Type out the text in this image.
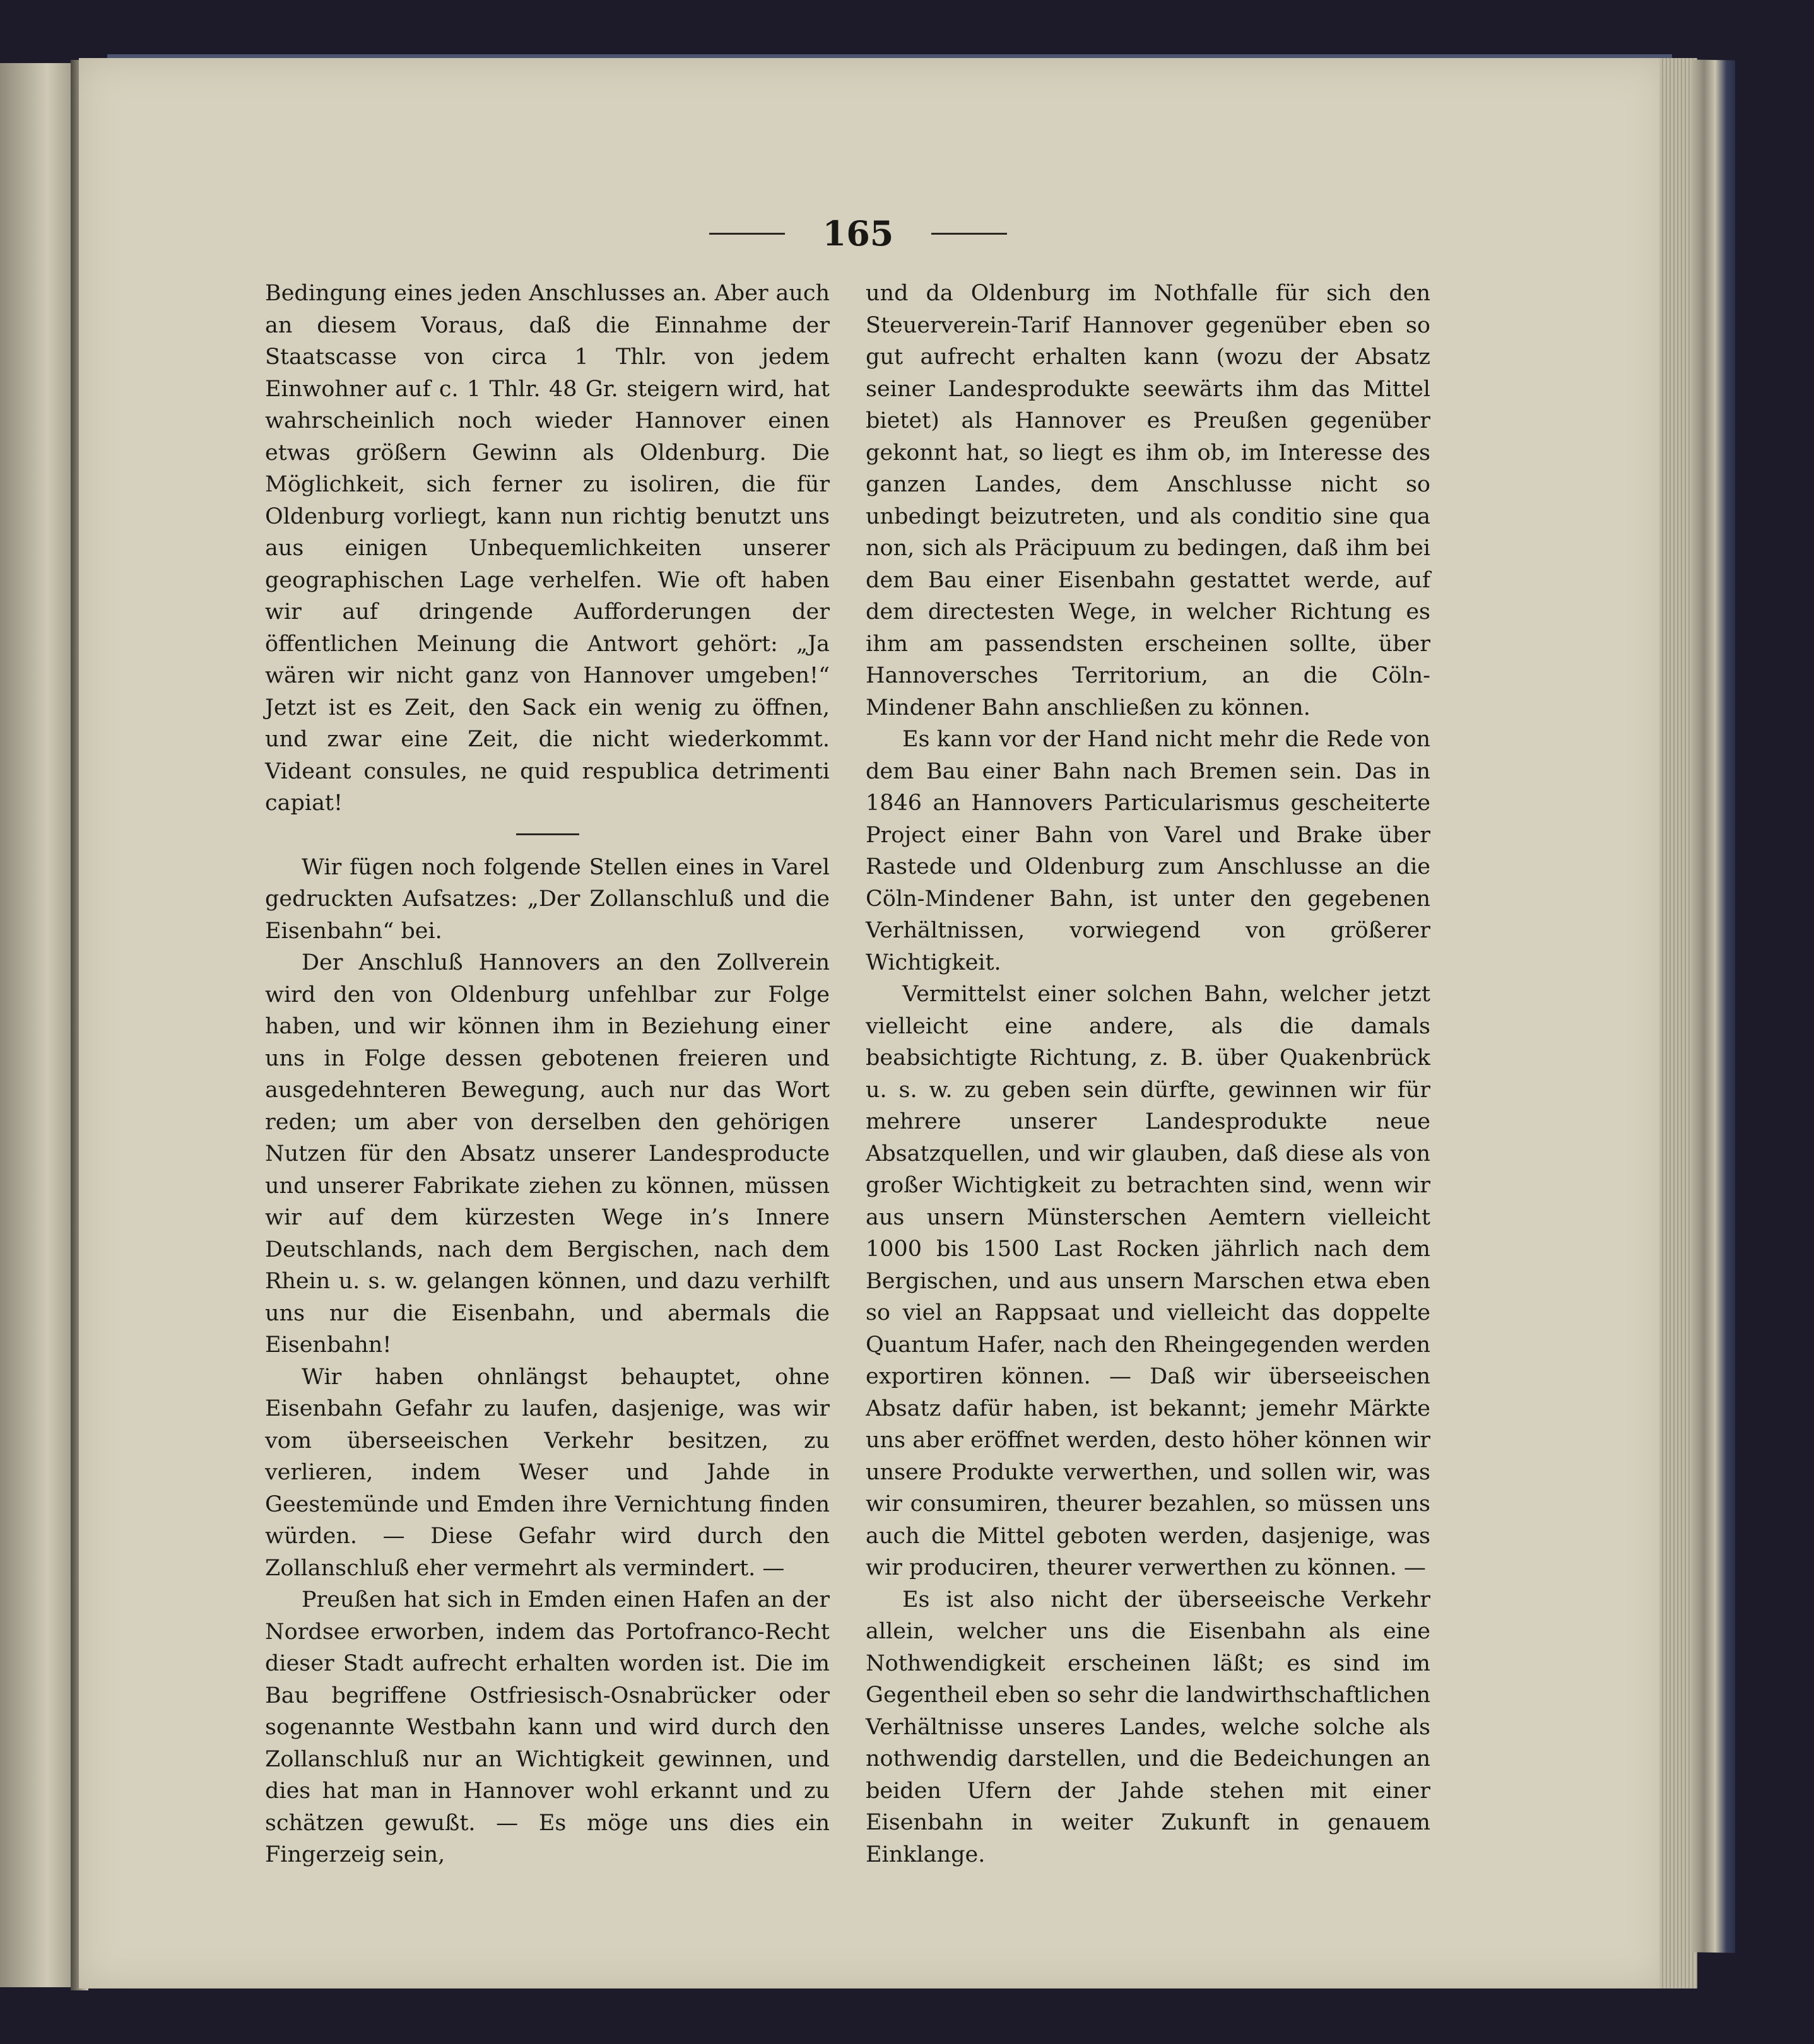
165

Bedingung eines jeden Anschlusses an. Aber auch an diesem Voraus, daß die Einnahme der Staatscasse von circa 1 Thlr. von jedem Einwohner auf c. 1 Thlr. 48 Gr. steigern wird, hat wahrscheinlich noch wieder Hannover einen etwas größern Gewinn als Oldenburg. Die Möglichkeit, sich ferner zu isoliren, die für Oldenburg vorliegt, kann nun richtig benutzt uns aus einigen Unbequemlichkeiten unserer geographischen Lage verhelfen. Wie oft haben wir auf dringende Aufforderungen der öffentlichen Meinung die Antwort gehört: „Ja wären wir nicht ganz von Hannover umgeben!“ Jetzt ist es Zeit, den Sack ein wenig zu öffnen, und zwar eine Zeit, die nicht wiederkommt. Videant consules, ne quid respublica detrimenti capiat!

Wir fügen noch folgende Stellen eines in Varel gedruckten Aufsatzes: „Der Zollanschluß und die Eisenbahn“ bei.

Der Anschluß Hannovers an den Zollverein wird den von Oldenburg unfehlbar zur Folge haben, und wir können ihm in Beziehung einer uns in Folge dessen gebotenen freieren und ausgedehnteren Bewegung, auch nur das Wort reden; um aber von derselben den gehörigen Nutzen für den Absatz unserer Landesproducte und unserer Fabrikate ziehen zu können, müssen wir auf dem kürzesten Wege in’s Innere Deutschlands, nach dem Bergischen, nach dem Rhein u. s. w. gelangen können, und dazu verhilft uns nur die Eisenbahn, und abermals die Eisenbahn!

Wir haben ohnlängst behauptet, ohne Eisenbahn Gefahr zu laufen, dasjenige, was wir vom überseeischen Verkehr besitzen, zu verlieren, indem Weser und Jahde in Geestemünde und Emden ihre Vernichtung finden würden. — Diese Gefahr wird durch den Zollanschluß eher vermehrt als vermindert. —

Preußen hat sich in Emden einen Hafen an der Nordsee erworben, indem das Portofranco-Recht dieser Stadt aufrecht erhalten worden ist. Die im Bau begriffene Ostfriesisch-Osnabrücker oder sogenannte Westbahn kann und wird durch den Zollanschluß nur an Wichtigkeit gewinnen, und dies hat man in Hannover wohl erkannt und zu schätzen gewußt. — Es möge uns dies ein Fingerzeig sein,

und da Oldenburg im Nothfalle für sich den Steuerverein-Tarif Hannover gegenüber eben so gut aufrecht erhalten kann (wozu der Absatz seiner Landesprodukte seewärts ihm das Mittel bietet) als Hannover es Preußen gegenüber gekonnt hat, so liegt es ihm ob, im Interesse des ganzen Landes, dem Anschlusse nicht so unbedingt beizutreten, und als conditio sine qua non, sich als Präcipuum zu bedingen, daß ihm bei dem Bau einer Eisenbahn gestattet werde, auf dem directesten Wege, in welcher Richtung es ihm am passendsten erscheinen sollte, über Hannoversches Territorium, an die Cöln-Mindener Bahn anschließen zu können.

Es kann vor der Hand nicht mehr die Rede von dem Bau einer Bahn nach Bremen sein. Das in 1846 an Hannovers Particularismus gescheiterte Project einer Bahn von Varel und Brake über Rastede und Oldenburg zum Anschlusse an die Cöln-Mindener Bahn, ist unter den gegebenen Verhältnissen, vorwiegend von größerer Wichtigkeit.

Vermittelst einer solchen Bahn, welcher jetzt vielleicht eine andere, als die damals beabsichtigte Richtung, z. B. über Quakenbrück u. s. w. zu geben sein dürfte, gewinnen wir für mehrere unserer Landesprodukte neue Absatzquellen, und wir glauben, daß diese als von großer Wichtigkeit zu betrachten sind, wenn wir aus unsern Münsterschen Aemtern vielleicht 1000 bis 1500 Last Rocken jährlich nach dem Bergischen, und aus unsern Marschen etwa eben so viel an Rappsaat und vielleicht das doppelte Quantum Hafer, nach den Rheingegenden werden exportiren können. — Daß wir überseeischen Absatz dafür haben, ist bekannt; jemehr Märkte uns aber eröffnet werden, desto höher können wir unsere Produkte verwerthen, und sollen wir, was wir consumiren, theurer bezahlen, so müssen uns auch die Mittel geboten werden, dasjenige, was wir produciren, theurer verwerthen zu können. —

Es ist also nicht der überseeische Verkehr allein, welcher uns die Eisenbahn als eine Nothwendigkeit erscheinen läßt; es sind im Gegentheil eben so sehr die landwirthschaftlichen Verhältnisse unseres Landes, welche solche als nothwendig darstellen, und die Bedeichungen an beiden Ufern der Jahde stehen mit einer Eisenbahn in weiter Zukunft in genauem Einklange.
